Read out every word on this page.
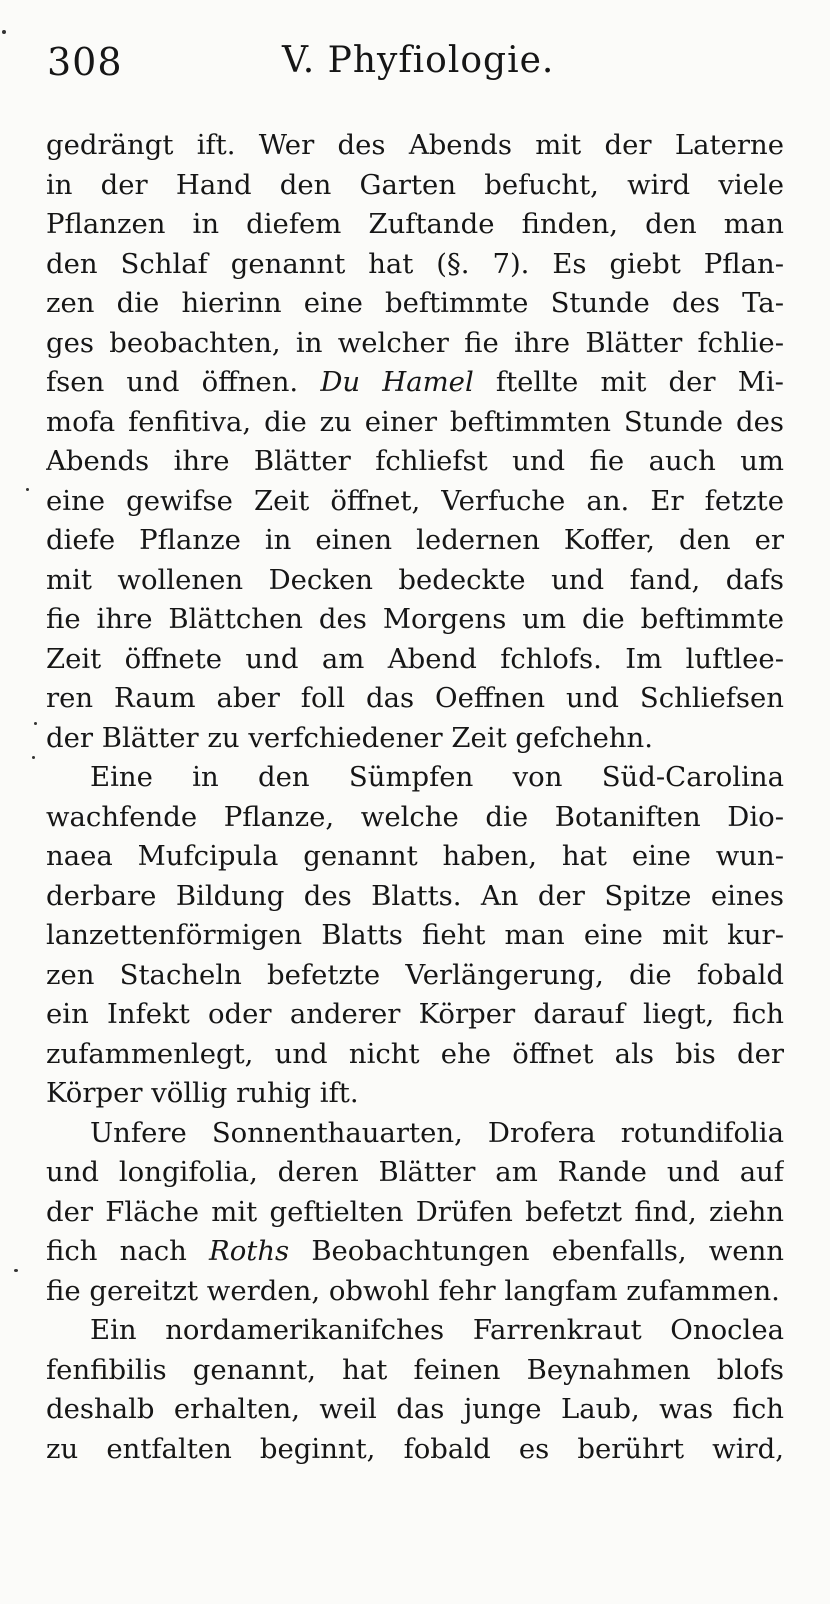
308	V. Phyfiologie.
gedrängt ift. Wer des Abends mit der Laterne
in der Hand den Garten befucht, wird viele
Pflanzen in diefem Zuftande finden, den man
den Schlaf genannt hat (§. 7). Es giebt Pflan-
zen die hierinn eine beftimmte Stunde des Ta-
ges beobachten, in welcher fie ihre Blätter fchlie-
fsen und öffnen. Du Hamel ftellte mit der Mi-
mofa fenfitiva, die zu einer beftimmten Stunde des
Abends ihre Blätter fchliefst und fie auch um
eine gewifse Zeit öffnet, Verfuche an. Er fetzte
diefe Pflanze in einen ledernen Koffer, den er
mit wollenen Decken bedeckte und fand, dafs
fie ihre Blättchen des Morgens um die beftimmte
Zeit öffnete und am Abend fchlofs. Im luftlee-
ren Raum aber foll das Oeffnen und Schliefsen
der Blätter zu verfchiedener Zeit gefchehn.
Eine in den Sümpfen von Süd-Carolina
wachfende Pflanze, welche die Botaniften Dio-
naea Mufcipula genannt haben, hat eine wun-
derbare Bildung des Blatts. An der Spitze eines
lanzettenförmigen Blatts fieht man eine mit kur-
zen Stacheln befetzte Verlängerung, die fobald
ein Infekt oder anderer Körper darauf liegt, fich
zufammenlegt, und nicht ehe öffnet als bis der
Körper völlig ruhig ift.
Unfere Sonnenthauarten, Drofera rotundifolia
und longifolia, deren Blätter am Rande und auf
der Fläche mit geftielten Drüfen befetzt find, ziehn
fich nach Roths Beobachtungen ebenfalls, wenn
fie gereitzt werden, obwohl fehr langfam zufammen.
Ein nordamerikanifches Farrenkraut Onoclea
fenfibilis genannt, hat feinen Beynahmen blofs
deshalb erhalten, weil das junge Laub, was fich
zu entfalten beginnt, fobald es berührt wird,
